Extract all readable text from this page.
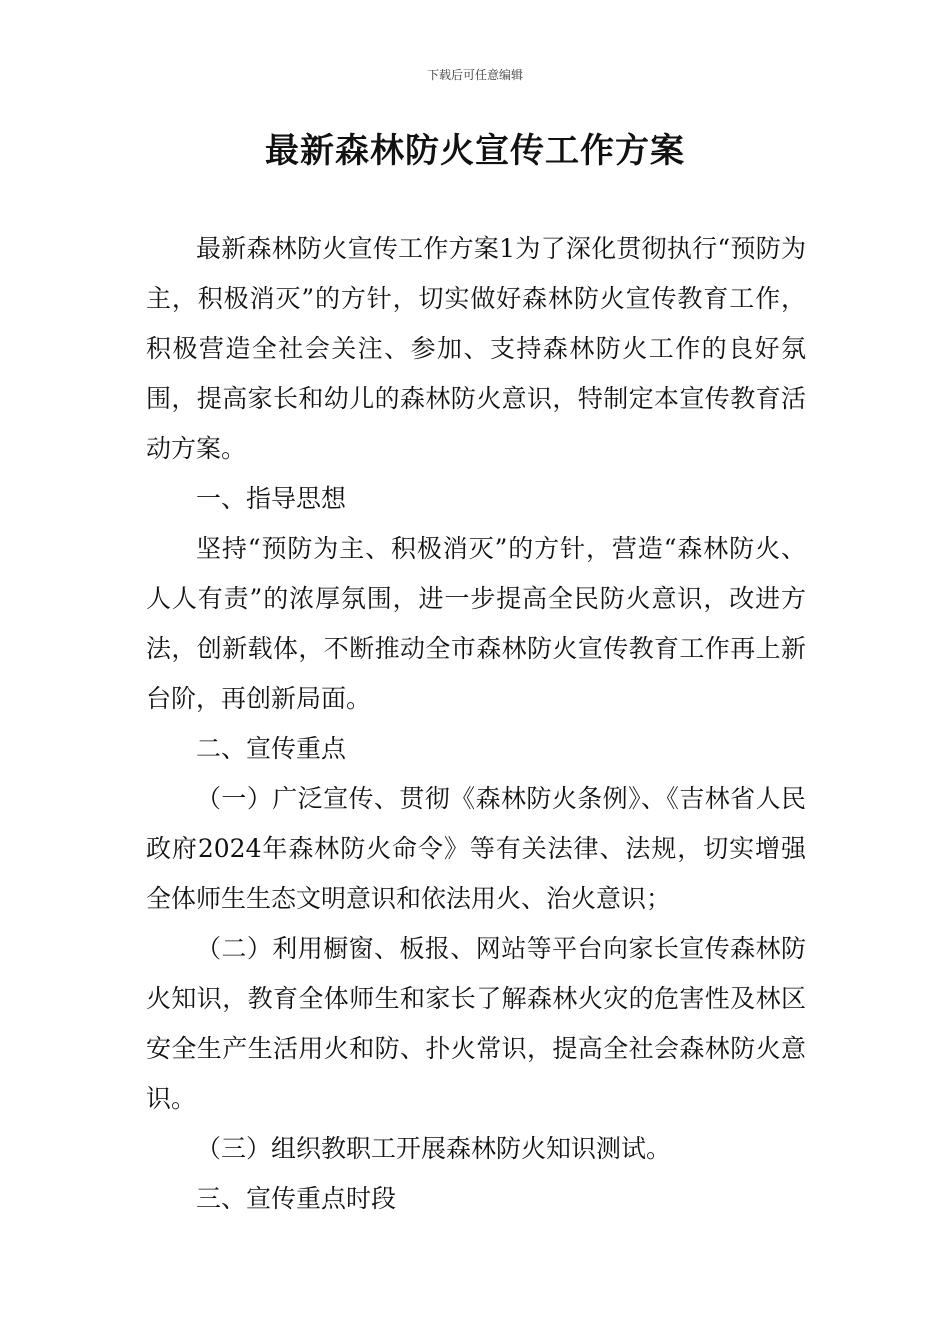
下载后可任意编辑
最新森林防火宣传工作方案

最新森林防火宣传工作方案1为了深化贯彻执行“预防为主，积极消灭”的方针，切实做好森林防火宣传教育工作，积极营造全社会关注、参加、支持森林防火工作的良好氛围，提高家长和幼儿的森林防火意识，特制定本宣传教育活动方案。

一、指导思想

坚持“预防为主、积极消灭”的方针，营造“森林防火、人人有责”的浓厚氛围，进一步提高全民防火意识，改进方法，创新载体，不断推动全市森林防火宣传教育工作再上新台阶，再创新局面。

二、宣传重点

（一）广泛宣传、贯彻《森林防火条例》、《吉林省人民政府2024年森林防火命令》等有关法律、法规，切实增强全体师生生态文明意识和依法用火、治火意识；

（二）利用橱窗、板报、网站等平台向家长宣传森林防火知识，教育全体师生和家长了解森林火灾的危害性及林区安全生产生活用火和防、扑火常识，提高全社会森林防火意识。

（三）组织教职工开展森林防火知识测试。

三、宣传重点时段
